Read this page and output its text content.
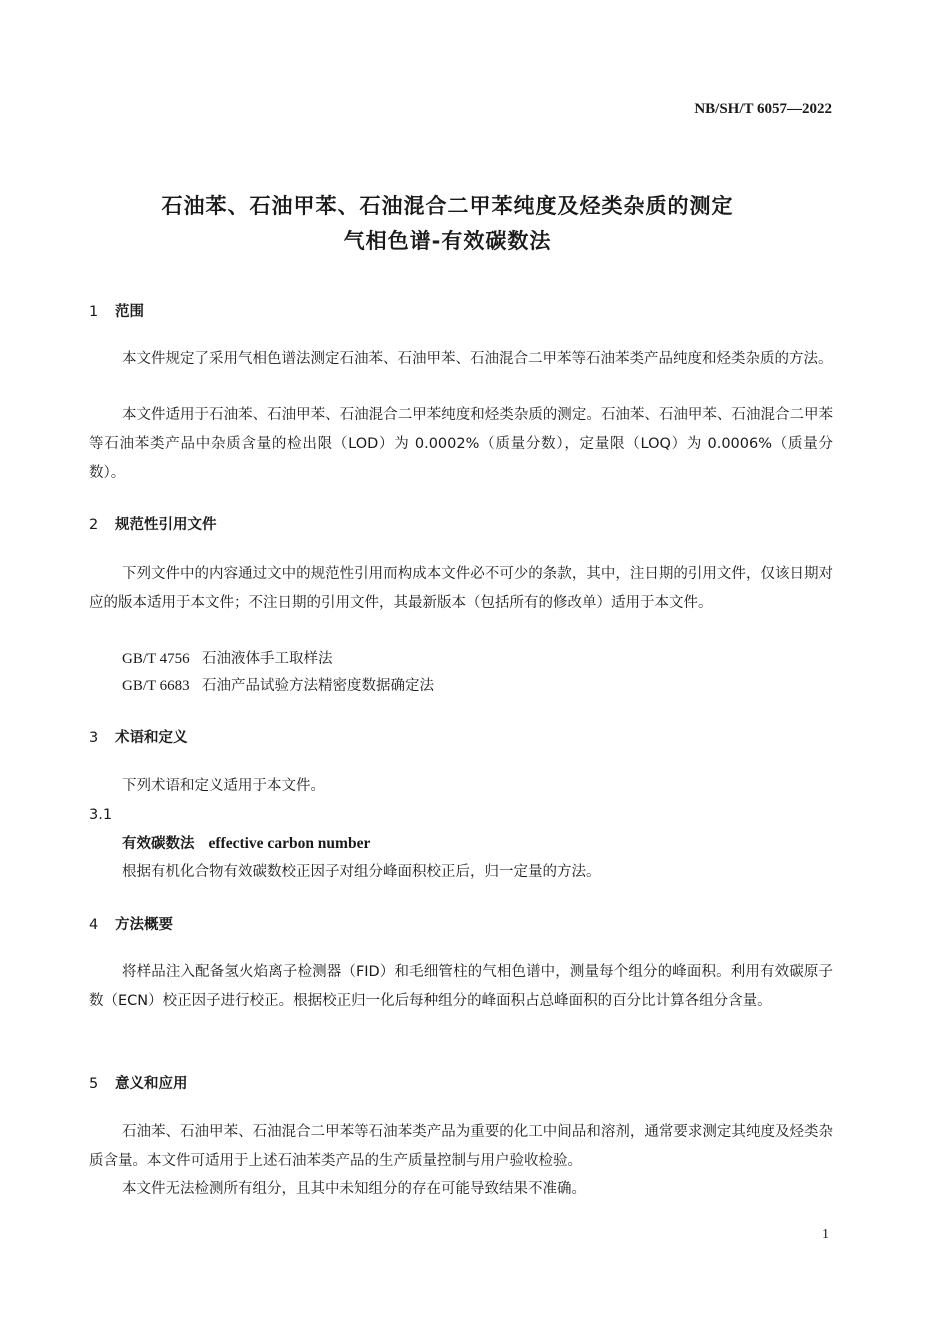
NB/SH/T 6057—2022
石油苯、石油甲苯、石油混合二甲苯纯度及烃类杂质的测定
气相色谱-有效碳数法
1 范围

本文件规定了采用气相色谱法测定石油苯、石油甲苯、石油混合二甲苯等石油苯类产品纯度和烃类杂质的方法。

本文件适用于石油苯、石油甲苯、石油混合二甲苯纯度和烃类杂质的测定。石油苯、石油甲苯、石油混合二甲苯等石油苯类产品中杂质含量的检出限（LOD）为 0.0002%（质量分数），定量限（LOQ）为 0.0006%（质量分数）。

2 规范性引用文件

下列文件中的内容通过文中的规范性引用而构成本文件必不可少的条款，其中，注日期的引用文件，仅该日期对应的版本适用于本文件；不注日期的引用文件，其最新版本（包括所有的修改单）适用于本文件。

GB/T 4756 石油液体手工取样法
GB/T 6683 石油产品试验方法精密度数据确定法
3 术语和定义

下列术语和定义适用于本文件。

3.1
有效碳数法 effective carbon number
根据有机化合物有效碳数校正因子对组分峰面积校正后，归一定量的方法。
4 方法概要

将样品注入配备氢火焰离子检测器（FID）和毛细管柱的气相色谱中，测量每个组分的峰面积。利用有效碳原子数（ECN）校正因子进行校正。根据校正归一化后每种组分的峰面积占总峰面积的百分比计算各组分含量。

5 意义和应用

石油苯、石油甲苯、石油混合二甲苯等石油苯类产品为重要的化工中间品和溶剂，通常要求测定其纯度及烃类杂质含量。本文件可适用于上述石油苯类产品的生产质量控制与用户验收检验。

本文件无法检测所有组分，且其中未知组分的存在可能导致结果不准确。

1
